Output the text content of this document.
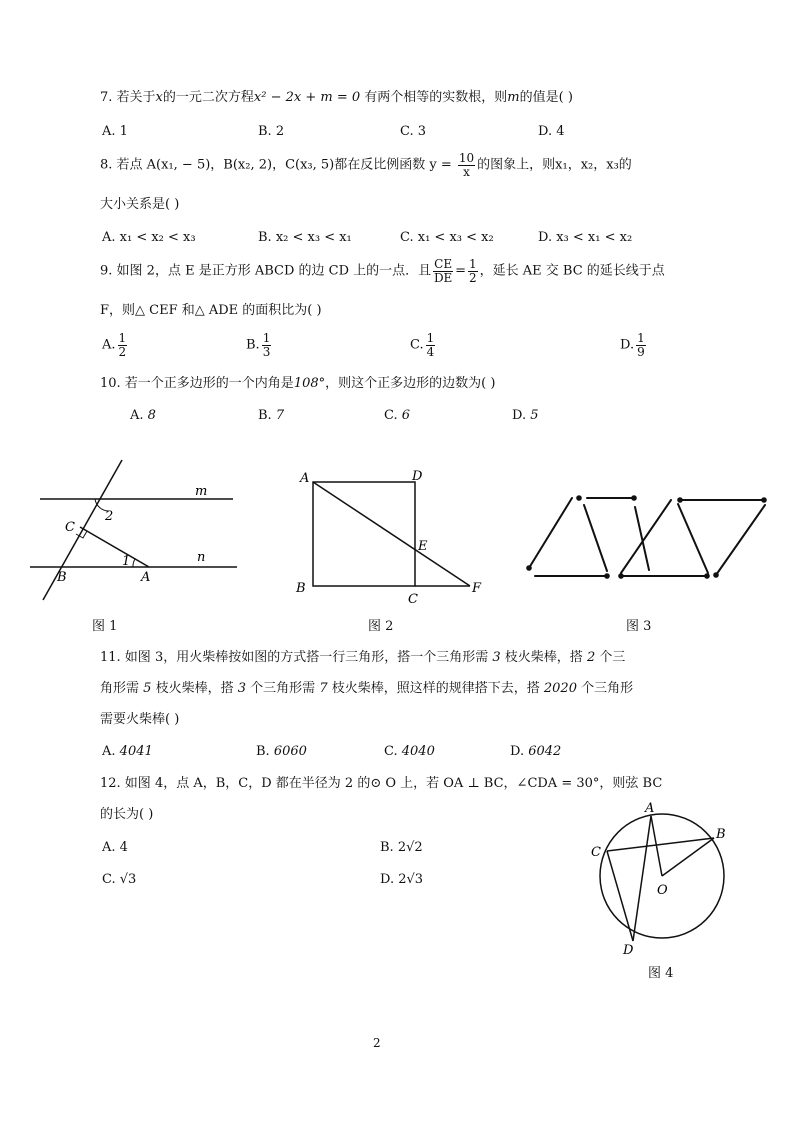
7. 若关于x的一元二次方程x² − 2x + m = 0 有两个相等的实数根，则m的值是( )
A. 1	B. 2	C. 3	D. 4
8. 若点 A(x₁, − 5)，B(x₂, 2)，C(x₃, 5)都在反比例函数 $y = \frac{10}{x}$ 的图象上，则x₁，x₂，x₃的
大小关系是( )
A. x₁ < x₂ < x₃	B. x₂ < x₃ < x₁	C. x₁ < x₃ < x₂	D. x₃ < x₁ < x₂
9. 如图 2，点 E 是正方形 ABCD 的边 CD 上的一点．且 $\frac{CE}{DE} = \frac{1}{2}$ ，延长 AE 交 BC 的延长线于点
F，则△ CEF 和△ ADE 的面积比为( )
A. $\frac{1}{2}$	B. $\frac{1}{3}$	C. $\frac{1}{4}$	D. $\frac{1}{9}$
10. 若一个正多边形的一个内角是108°，则这个正多边形的边数为( )
A. 8	B. 7	C. 6	D. 5
m
n
2
1
C
B	A
图 1
A	D
E
B
C
F
图 2	图 3
11. 如图 3，用火柴棒按如图的方式搭一行三角形，搭一个三角形需 3 枝火柴棒，搭 2 个三
角形需 5 枝火柴棒，搭 3 个三角形需 7 枝火柴棒，照这样的规律搭下去，搭 2020 个三角形
需要火柴棒( )
A. 4041	B. 6060	C. 4040	D. 6042
12. 如图 4，点 A，B，C，D 都在半径为 2 的⊙ O 上，若 OA ⊥ BC，∠CDA = 30°，则弦 BC
的长为( )
A. 4	B. 2√2
C. √3	D. 2√3
A
B
C
O
D
图 4
2
